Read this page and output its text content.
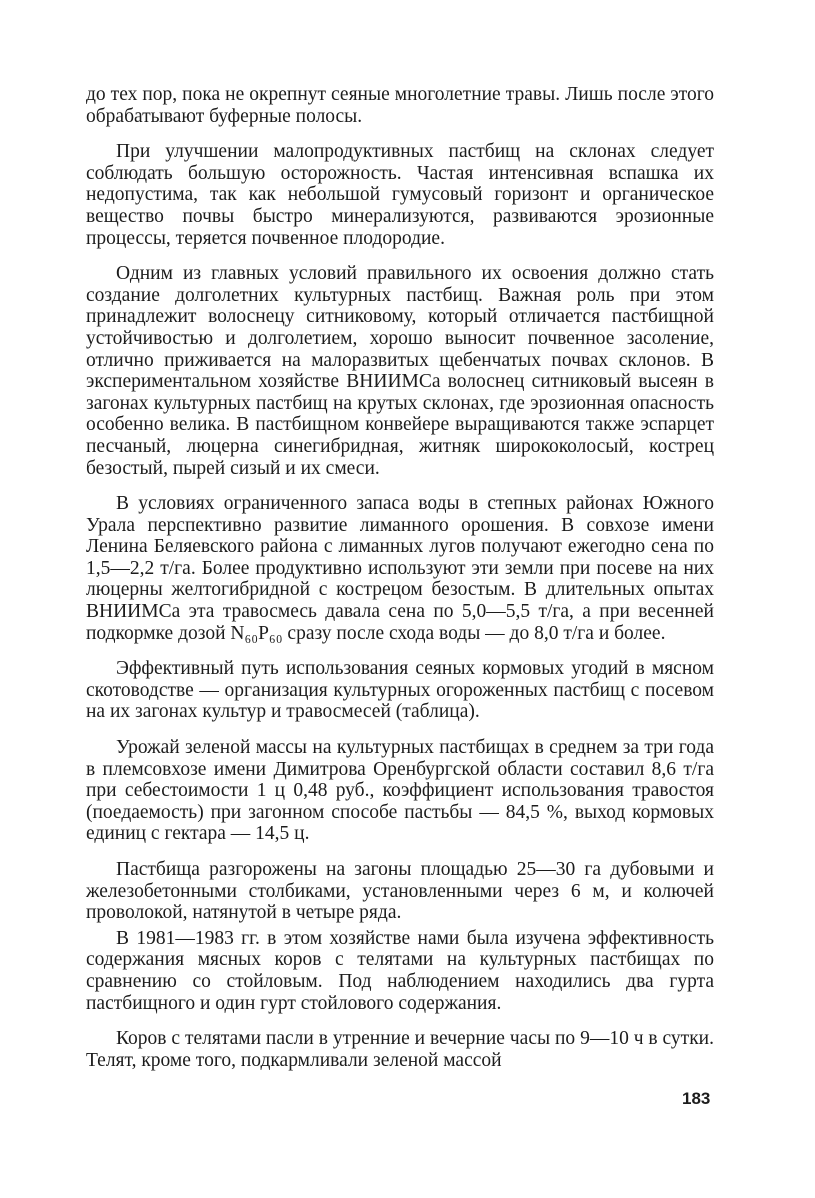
до тех пор, пока не окрепнут сеяные многолетние травы. Лишь после этого обрабатывают буферные полосы.

При улучшении малопродуктивных пастбищ на склонах следует соблюдать большую осторожность. Частая интенсивная вспашка их недопустима, так как небольшой гумусовый горизонт и органическое вещество почвы быстро минерализуются, развиваются эрозионные процессы, теряется почвенное плодородие.

Одним из главных условий правильного их освоения должно стать создание долголетних культурных пастбищ. Важная роль при этом принадлежит волоснецу ситниковому, который отличается пастбищной устойчивостью и долголетием, хорошо выносит почвенное засоление, отлично приживается на малоразвитых щебенчатых почвах склонов. В экспериментальном хозяйстве ВНИИМСа волоснец ситниковый высеян в загонах культурных пастбищ на крутых склонах, где эрозионная опасность особенно велика. В пастбищном конвейере выращиваются также эспарцет песчаный, люцерна синегибридная, житняк ширококолосый, кострец безостый, пырей сизый и их смеси.

В условиях ограниченного запаса воды в степных районах Южного Урала перспективно развитие лиманного орошения. В совхозе имени Ленина Беляевского района с лиманных лугов получают ежегодно сена по 1,5—2,2 т/га. Более продуктивно используют эти земли при посеве на них люцерны желтогибридной с кострецом безостым. В длительных опытах ВНИИМСа эта травосмесь давала сена по 5,0—5,5 т/га, а при весенней подкормке дозой N₆₀P₆₀ сразу после схода воды — до 8,0 т/га и более.

Эффективный путь использования сеяных кормовых угодий в мясном скотоводстве — организация культурных огороженных пастбищ с посевом на их загонах культур и травосмесей (таблица).

Урожай зеленой массы на культурных пастбищах в среднем за три года в племсовхозе имени Димитрова Оренбургской области составил 8,6 т/га при себестоимости 1 ц 0,48 руб., коэффициент использования травостоя (поедаемость) при загонном способе пастьбы — 84,5 %, выход кормовых единиц с гектара — 14,5 ц.

Пастбища разгорожены на загоны площадью 25—30 га дубовыми и железобетонными столбиками, установленными через 6 м, и колючей проволокой, натянутой в четыре ряда.

В 1981—1983 гг. в этом хозяйстве нами была изучена эффективность содержания мясных коров с телятами на культурных пастбищах по сравнению со стойловым. Под наблюдением находились два гурта пастбищного и один гурт стойлового содержания.

Коров с телятами пасли в утренние и вечерние часы по 9—10 ч в сутки. Телят, кроме того, подкармливали зеленой массой

183
